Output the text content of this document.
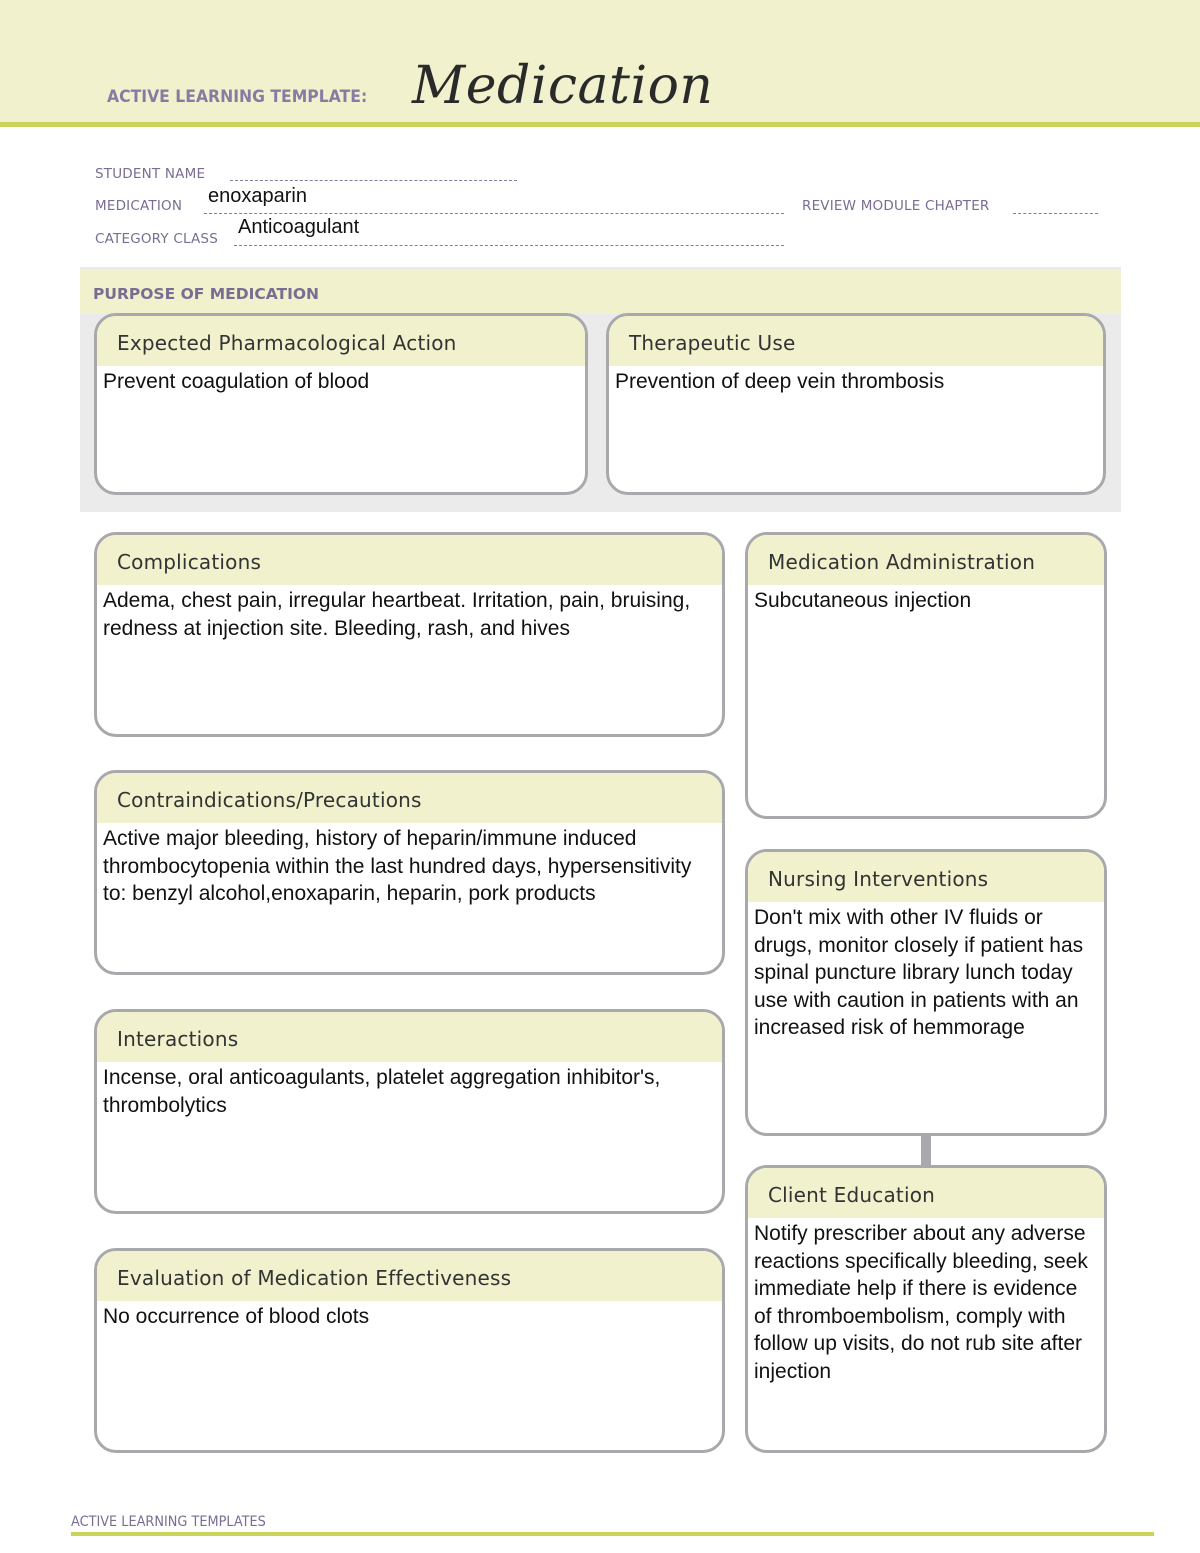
ACTIVE LEARNING TEMPLATE: Medication
STUDENT NAME
MEDICATION enoxaparin	REVIEW MODULE CHAPTER
CATEGORY CLASS
Anticoagulant
PURPOSE OF MEDICATION
Expected Pharmacological Action
Prevent coagulation of blood
Therapeutic Use
Prevention of deep vein thrombosis
Complications
Adema, chest pain, irregular heartbeat. Irritation, pain, bruising, redness at injection site. Bleeding, rash, and hives
Contraindications/Precautions
Active major bleeding, history of heparin/immune induced thrombocytopenia within the last hundred days, hypersensitivity to: benzyl alcohol,enoxaparin, heparin, pork products
Interactions
Incense, oral anticoagulants, platelet aggregation inhibitor's, thrombolytics
Evaluation of Medication Effectiveness
No occurrence of blood clots
Medication Administration
Subcutaneous injection
Nursing Interventions
Don't mix with other IV fluids or drugs, monitor closely if patient has spinal puncture library lunch today use with caution in patients with an increased risk of hemmorage
Client Education
Notify prescriber about any adverse reactions specifically bleeding, seek immediate help if there is evidence of thromboembolism, comply with follow up visits, do not rub site after injection
ACTIVE LEARNING TEMPLATES
